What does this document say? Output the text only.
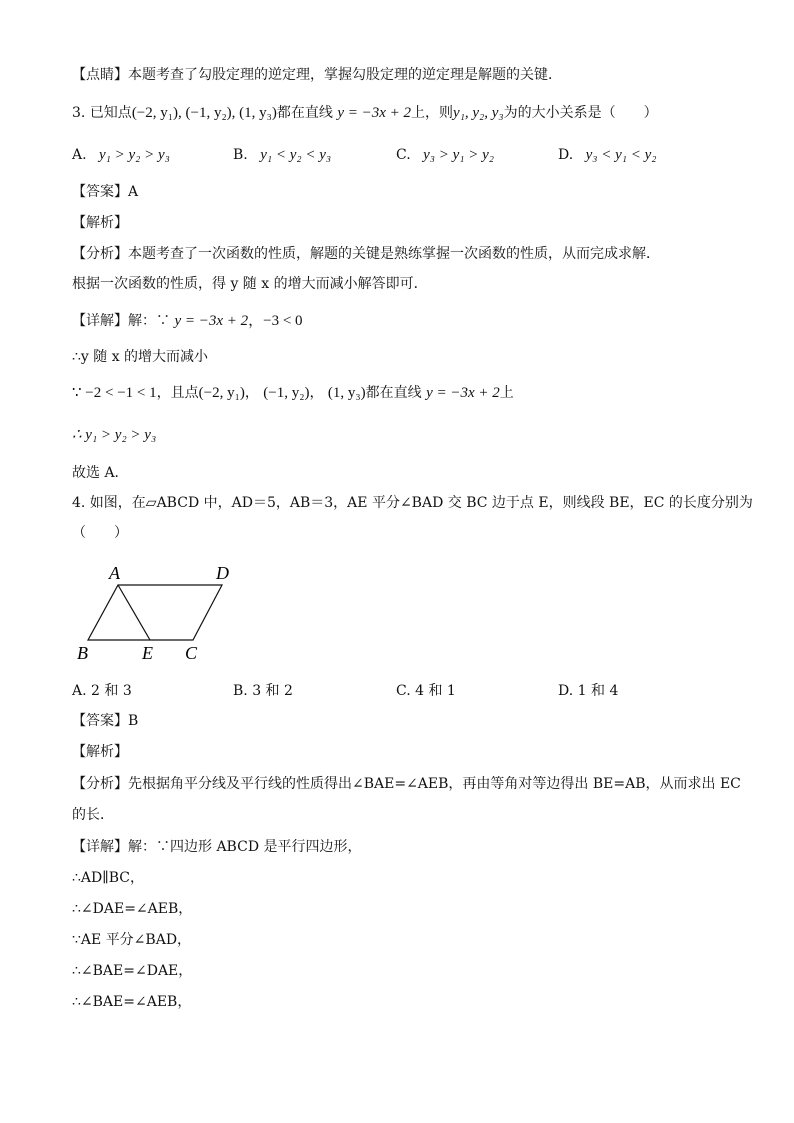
【点睛】本题考查了勾股定理的逆定理，掌握勾股定理的逆定理是解题的关键．
3. 已知点(−2, y₁), (−1, y₂), (1, y₃)都在直线 y = −3x + 2上，则y₁, y₂, y₃为的大小关系是（　　）
A. y₁ > y₂ > y₃	B. y₁ < y₂ < y₃	C. y₃ > y₁ > y₂	D. y₃ < y₁ < y₂
【答案】A
【解析】
【分析】本题考查了一次函数的性质，解题的关键是熟练掌握一次函数的性质，从而完成求解．
根据一次函数的性质，得 y 随 x 的增大而减小解答即可．
【详解】解：∵ y = −3x + 2，−3 < 0
∴y 随 x 的增大而减小
∵ −2 < −1 < 1，且点(−2, y₁)， (−1, y₂)， (1, y₃)都在直线 y = −3x + 2上
∴ y₁ > y₂ > y₃
故选 A．
4. 如图，在▱ABCD 中，AD＝5，AB＝3，AE 平分∠BAD 交 BC 边于点 E，则线段 BE，EC 的长度分别为
（　　）
A	D
B	E C
A. 2 和 3	B. 3 和 2	C. 4 和 1	D. 1 和 4
【答案】B
【解析】
【分析】先根据角平分线及平行线的性质得出∠BAE=∠AEB，再由等角对等边得出 BE=AB，从而求出 EC
的长．
【详解】解：∵四边形 ABCD 是平行四边形，
∴AD∥BC，
∴∠DAE=∠AEB，
∵AE 平分∠BAD，
∴∠BAE=∠DAE，
∴∠BAE=∠AEB，
